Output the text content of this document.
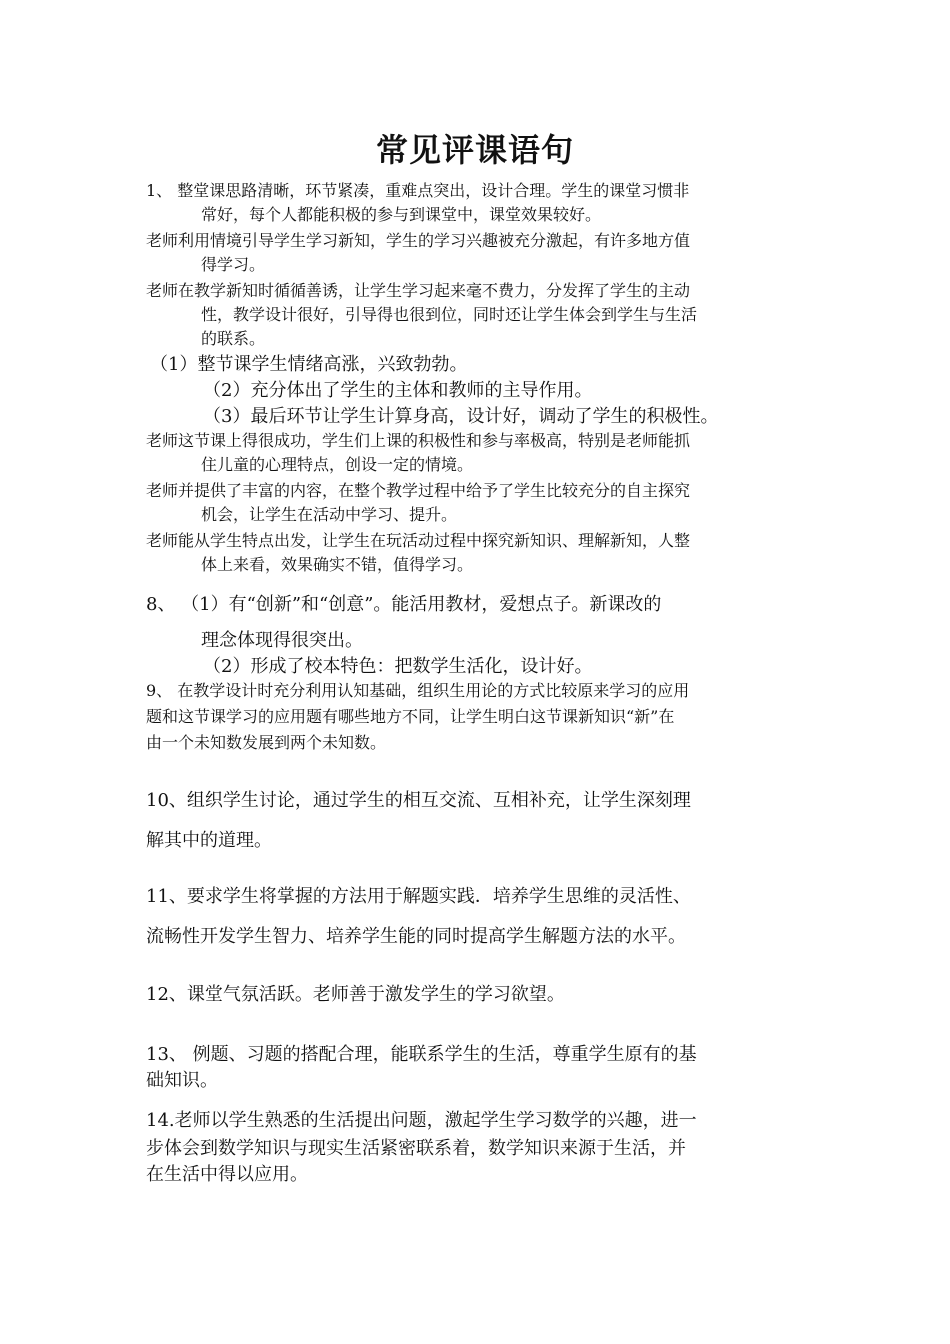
常见评课语句
1、 整堂课思路清晰，环节紧凑，重难点突出，设计合理。学生的课堂习惯非
常好，每个人都能积极的参与到课堂中，课堂效果较好。
老师利用情境引导学生学习新知，学生的学习兴趣被充分激起，有许多地方值
得学习。
老师在教学新知时循循善诱，让学生学习起来毫不费力，分发挥了学生的主动
性，教学设计很好，引导得也很到位，同时还让学生体会到学生与生活
的联系。
（1）整节课学生情绪高涨，兴致勃勃。
（2）充分体出了学生的主体和教师的主导作用。
（3）最后环节让学生计算身高，设计好，调动了学生的积极性。
老师这节课上得很成功，学生们上课的积极性和参与率极高，特别是老师能抓
住儿童的心理特点，创设一定的情境。
老师并提供了丰富的内容，在整个教学过程中给予了学生比较充分的自主探究
机会，让学生在活动中学习、提升。
老师能从学生特点出发，让学生在玩活动过程中探究新知识、理解新知，人整
体上来看，效果确实不错，值得学习。
8、 （1）有“创新”和“创意”。能活用教材，爱想点子。新课改的
理念体现得很突出。
（2）形成了校本特色：把数学生活化，设计好。
9、 在教学设计时充分利用认知基础，组织生用论的方式比较原来学习的应用
题和这节课学习的应用题有哪些地方不同，让学生明白这节课新知识“新”在
由一个未知数发展到两个未知数。
10、组织学生讨论，通过学生的相互交流、互相补充，让学生深刻理
解其中的道理。
11、要求学生将掌握的方法用于解题实践．培养学生思维的灵活性、
流畅性开发学生智力、培养学生能的同时提高学生解题方法的水平。
12、课堂气氛活跃。老师善于激发学生的学习欲望。
13、 例题、习题的搭配合理，能联系学生的生活，尊重学生原有的基
础知识。
14.老师以学生熟悉的生活提出问题，激起学生学习数学的兴趣，进一
步体会到数学知识与现实生活紧密联系着，数学知识来源于生活，并
在生活中得以应用。
